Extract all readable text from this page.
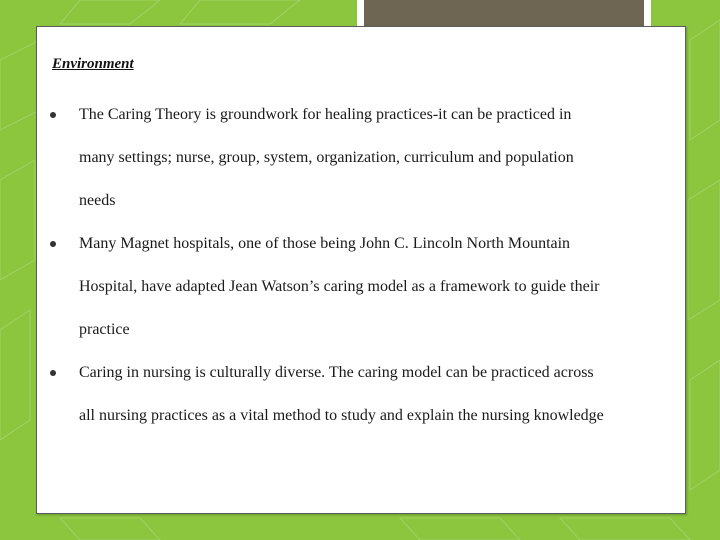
Environment
The Caring Theory is groundwork for healing practices-it can be practiced in many settings; nurse, group, system, organization, curriculum and population needs
Many Magnet hospitals, one of those being John C. Lincoln North Mountain Hospital, have adapted Jean Watson’s caring model as a framework to guide their practice
Caring in nursing is culturally diverse. The caring model can be practiced across all nursing practices as a vital method to study and explain the nursing knowledge
